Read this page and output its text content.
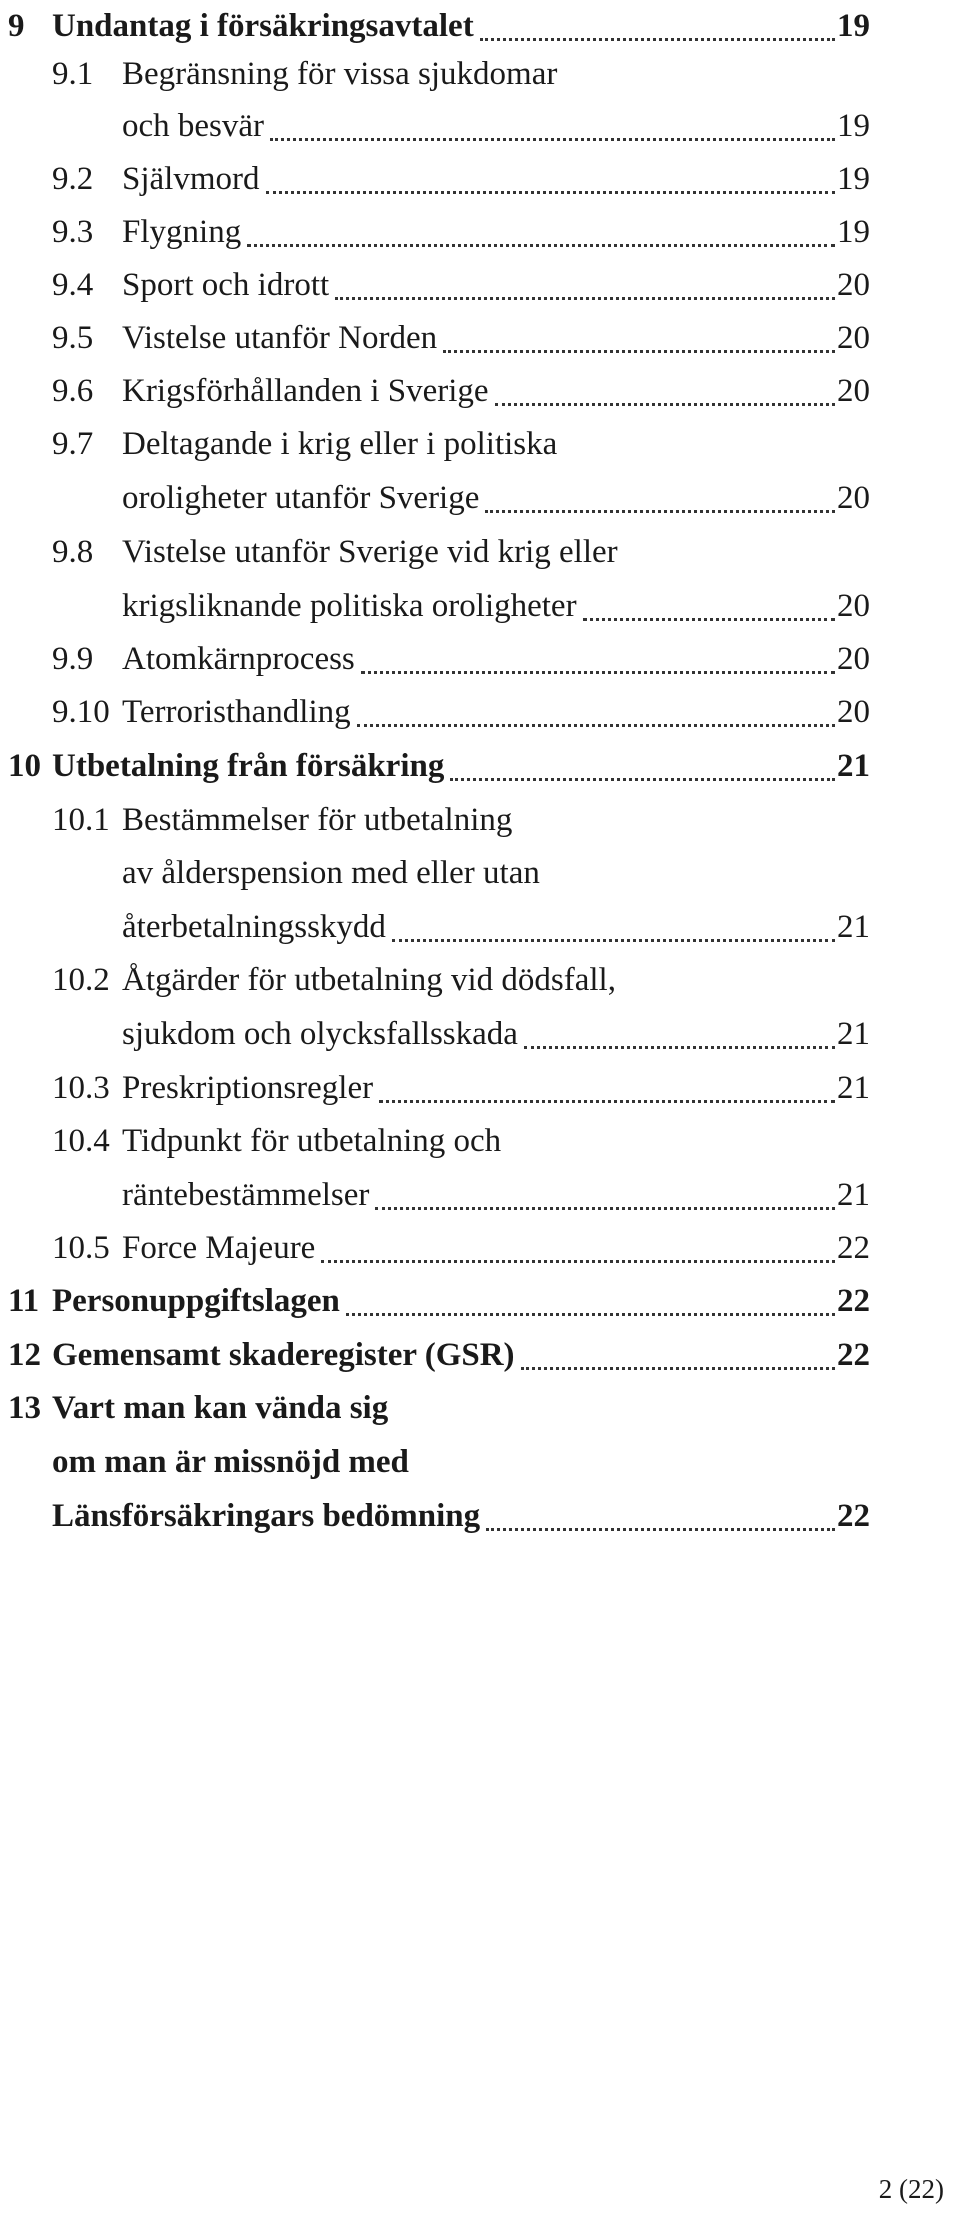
9 Undantag i försäkringsavtalet	19
9.1 Begränsning för vissa sjukdomar
och besvär	19
9.2 Självmord	19
9.3 Flygning	19
9.4 Sport och idrott	20
9.5 Vistelse utanför Norden	20
9.6 Krigsförhållanden i Sverige	20
9.7 Deltagande i krig eller i politiska
oroligheter utanför Sverige	20
9.8 Vistelse utanför Sverige vid krig eller
krigsliknande politiska oroligheter	20
9.9 Atomkärnprocess	20
9.10 Terroristhandling	20
10 Utbetalning från försäkring	21
10.1 Bestämmelser för utbetalning
av ålderspension med eller utan
återbetalningsskydd	21
10.2 Åtgärder för utbetalning vid dödsfall,
sjukdom och olycksfallsskada	21
10.3 Preskriptionsregler	21
10.4 Tidpunkt för utbetalning och
räntebestämmelser	21
10.5 Force Majeure	22
11 Personuppgiftslagen	22
12 Gemensamt skaderegister (GSR)	22
13 Vart man kan vända sig
om man är missnöjd med
Länsförsäkringars bedömning	22
2 (22)
